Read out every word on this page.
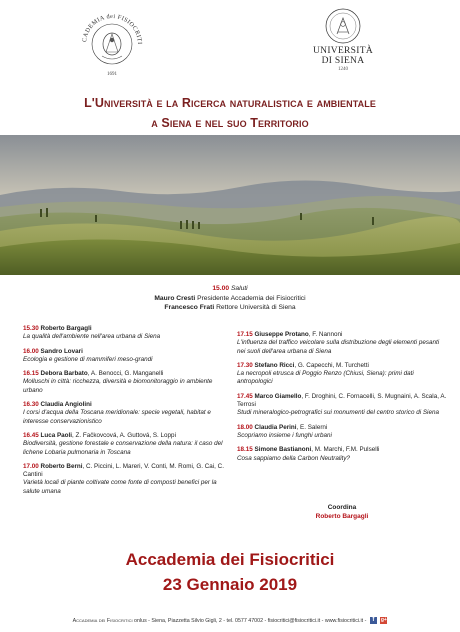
CADEMIA dei FISIOCRITI
1691
UNIVERSITÀ
DI SIENA
1240
L'Università e la Ricerca naturalistica e ambientale
a Siena e nel suo Territorio
15.00 Saluti
Mauro Cresti Presidente Accademia dei Fisiocritici
Francesco Frati Rettore Università di Siena
15.30 Roberto Bargagli
La qualità dell'ambiente nell'area urbana di Siena
16.00 Sandro Lovari
Ecologia e gestione di mammiferi meso-grandi
16.15 Debora Barbato, A. Benocci, G. Manganelli
Molluschi in città: ricchezza, diversità e biomonitoraggio in ambiente urbano
16.30 Claudia Angiolini
I corsi d'acqua della Toscana meridionale: specie vegetali, habitat e interesse conservazionistico
16.45 Luca Paoli, Z. Fačkovcová, A. Guttová, S. Loppi
Biodiversità, gestione forestale e conservazione della natura: il caso del lichene Lobaria pulmonaria in Toscana
17.00 Roberto Berni, C. Piccini, L. Mareri, V. Conti, M. Romi, G. Cai, C. Cantini
Varietà locali di piante coltivate come fonte di composti benefici per la salute umana
17.15 Giuseppe Protano, F. Nannoni
L'influenza del traffico veicolare sulla distribuzione degli elementi pesanti nei suoli dell'area urbana di Siena
17.30 Stefano Ricci, G. Capecchi, M. Turchetti
La necropoli etrusca di Poggio Renzo (Chiusi, Siena): primi dati antropologici
17.45 Marco Giamello, F. Droghini, C. Fornacelli, S. Mugnaini, A. Scala, A. Terrosi
Studi mineralogico-petrografici sui monumenti del centro storico di Siena
18.00 Claudia Perini, E. Salerni
Scopriamo insieme i funghi urbani
18.15 Simone Bastianoni, M. Marchi, F.M. Pulselli
Cosa sappiamo della Carbon Neutrality?
Coordina
Roberto Bargagli
Accademia dei Fisiocritici
23 Gennaio 2019
Accademia dei Fisiocritici onlus - Siena, Piazzetta Silvio Gigli, 2 - tel. 0577 47002 - fisiocritici@fisiocritici.it - www.fisiocritici.it - f g+
